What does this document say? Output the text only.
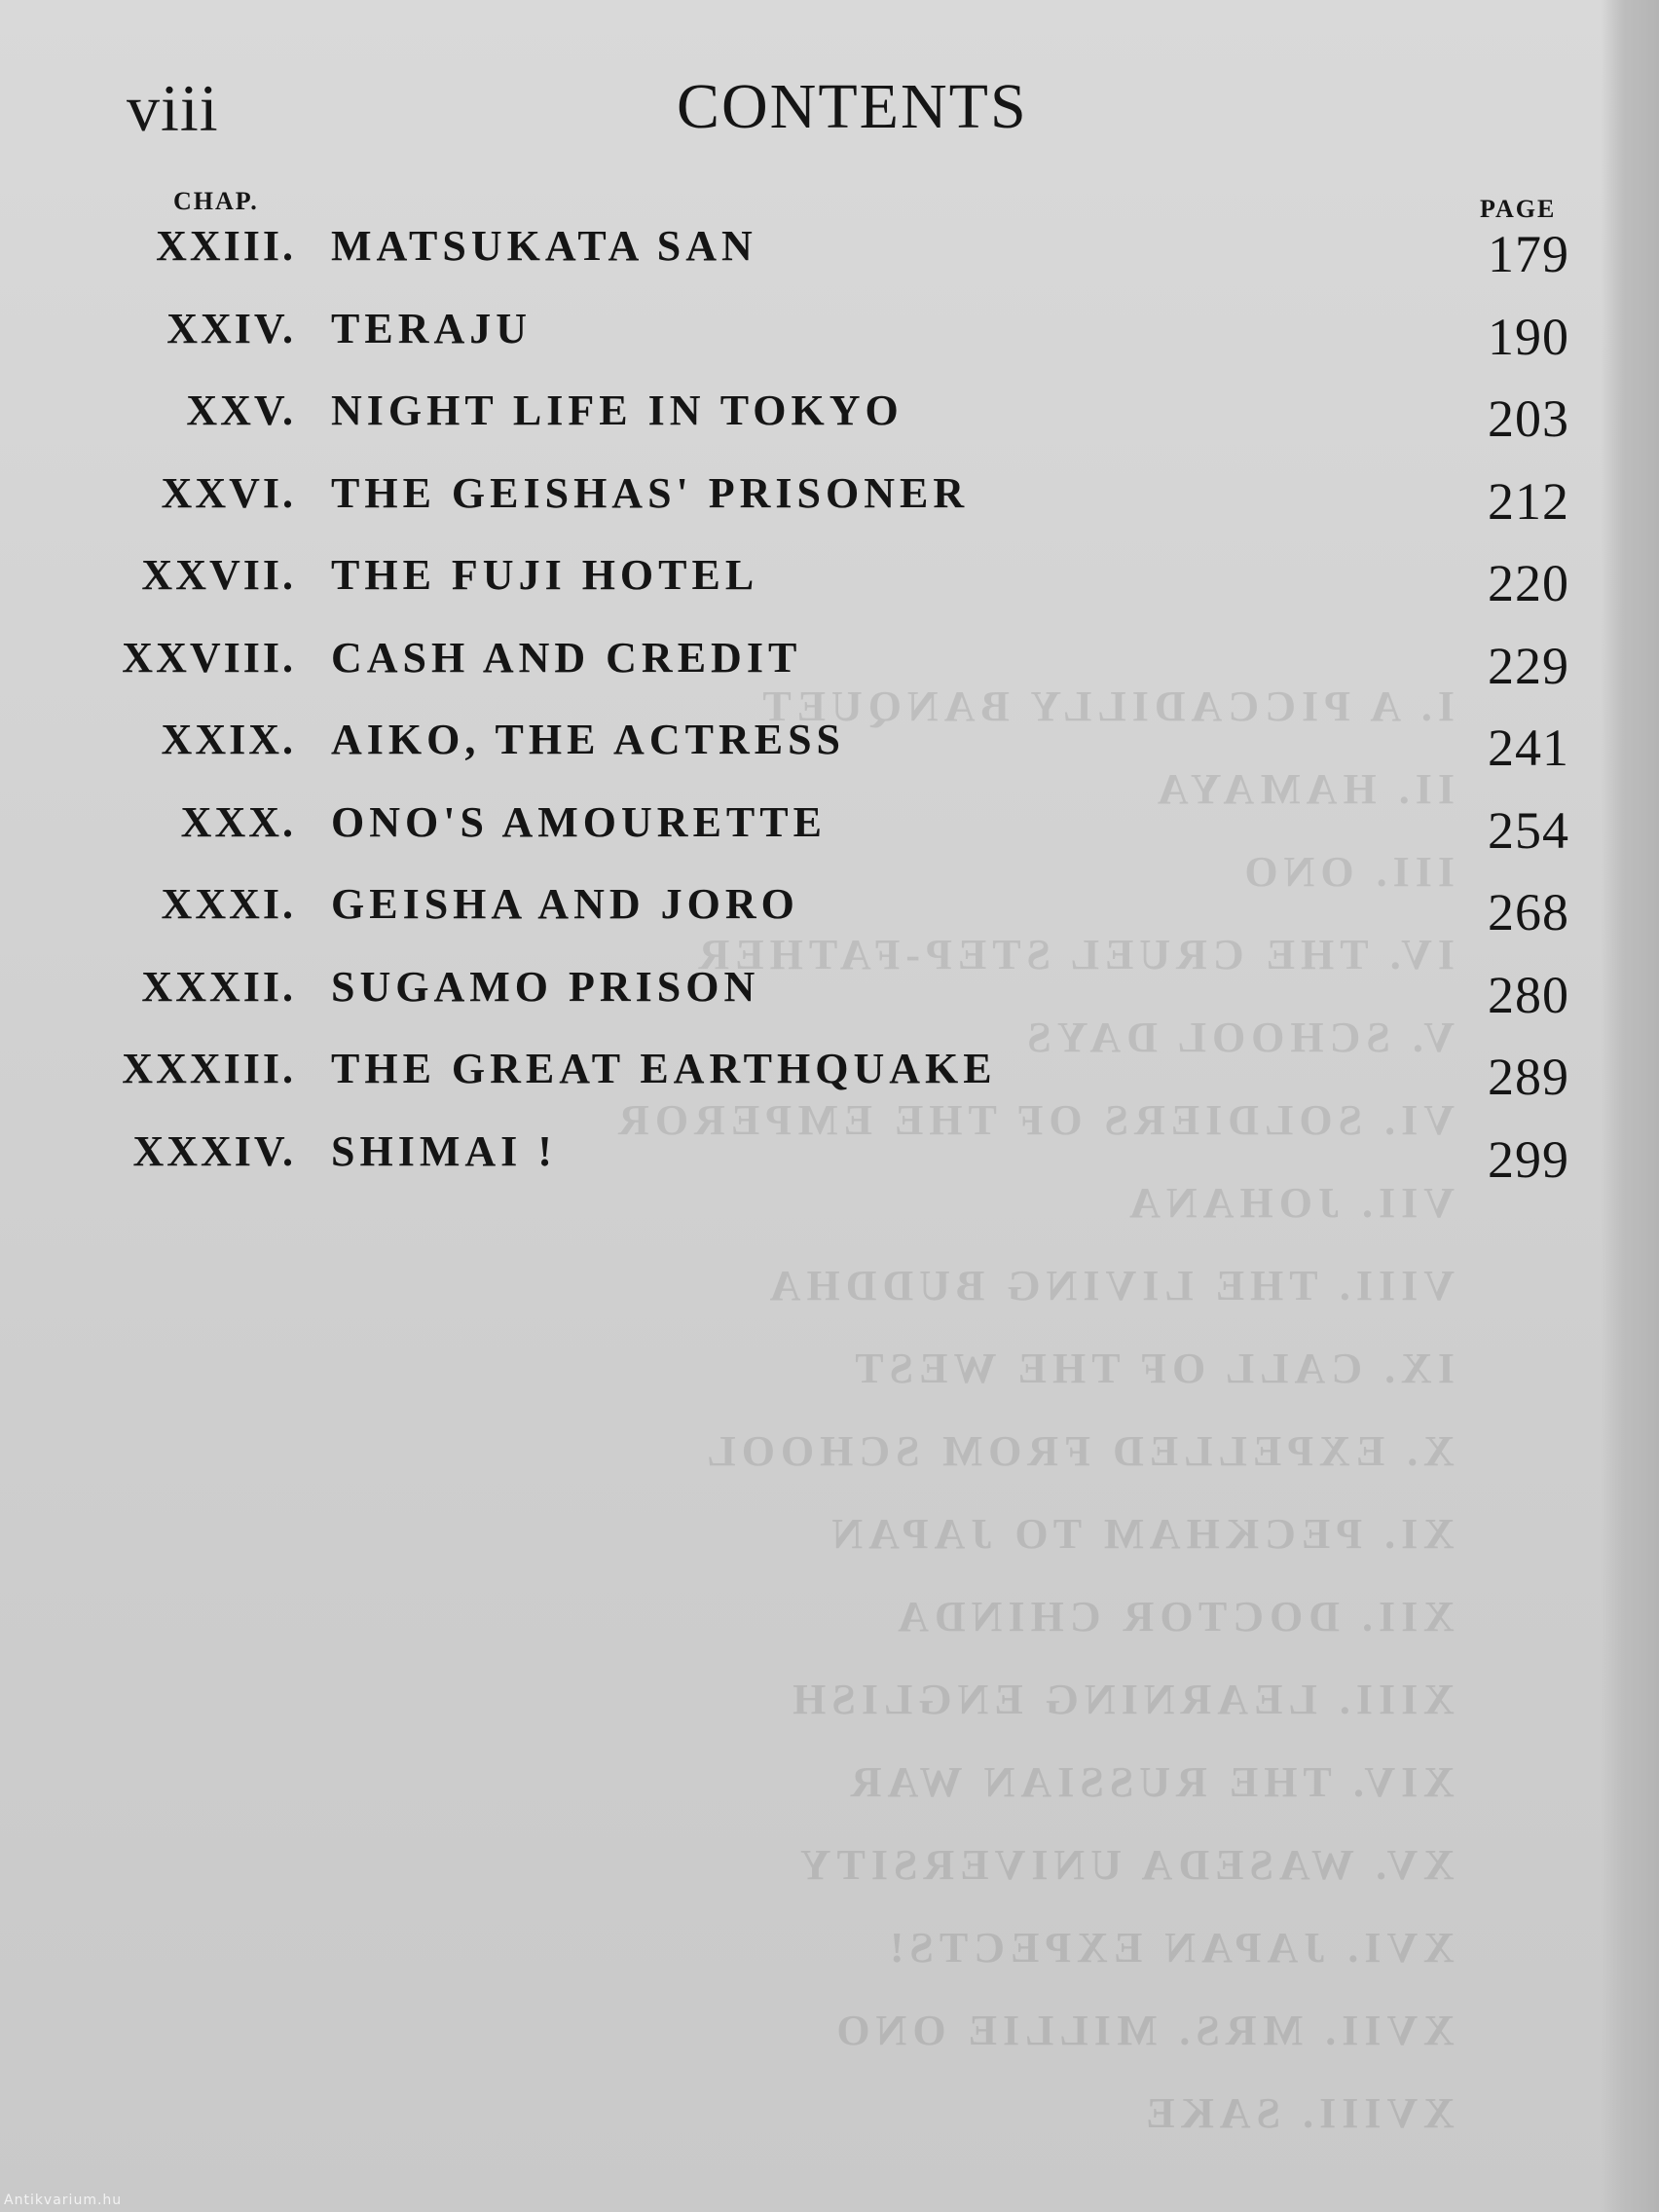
I. A PICCADILLY BANQUET
II. HAMAYA
III. ONO
IV. THE CRUEL STEP-FATHER
V. SCHOOL DAYS
VI. SOLDIERS OF THE EMPEROR
VII. JOHANA
VIII. THE LIVING BUDDHA
IX. CALL OF THE WEST
X. EXPELLED FROM SCHOOL
XI. PECKHAM TO JAPAN
XII. DOCTOR CHINDA
XIII. LEARNING ENGLISH
XIV. THE RUSSIAN WAR
XV. WASEDA UNIVERSITY
XVI. JAPAN EXPECTS!
XVII. MRS. MILLIE ONO
XVIII. SAKE
viii	CONTENTS
CHAP.	PAGE
XXIII. MATSUKATA SAN	179
XXIV. TERAJU	190
XXV. NIGHT LIFE IN TOKYO	203
XXVI. THE GEISHAS' PRISONER	212
XXVII. THE FUJI HOTEL	220
XXVIII. CASH AND CREDIT	229
XXIX. AIKO, THE ACTRESS	241
XXX. ONO'S AMOURETTE	254
XXXI. GEISHA AND JORO	268
XXXII. SUGAMO PRISON	280
XXXIII. THE GREAT EARTHQUAKE	289
XXXIV. SHIMAI !	299
Antikvarium.hu
